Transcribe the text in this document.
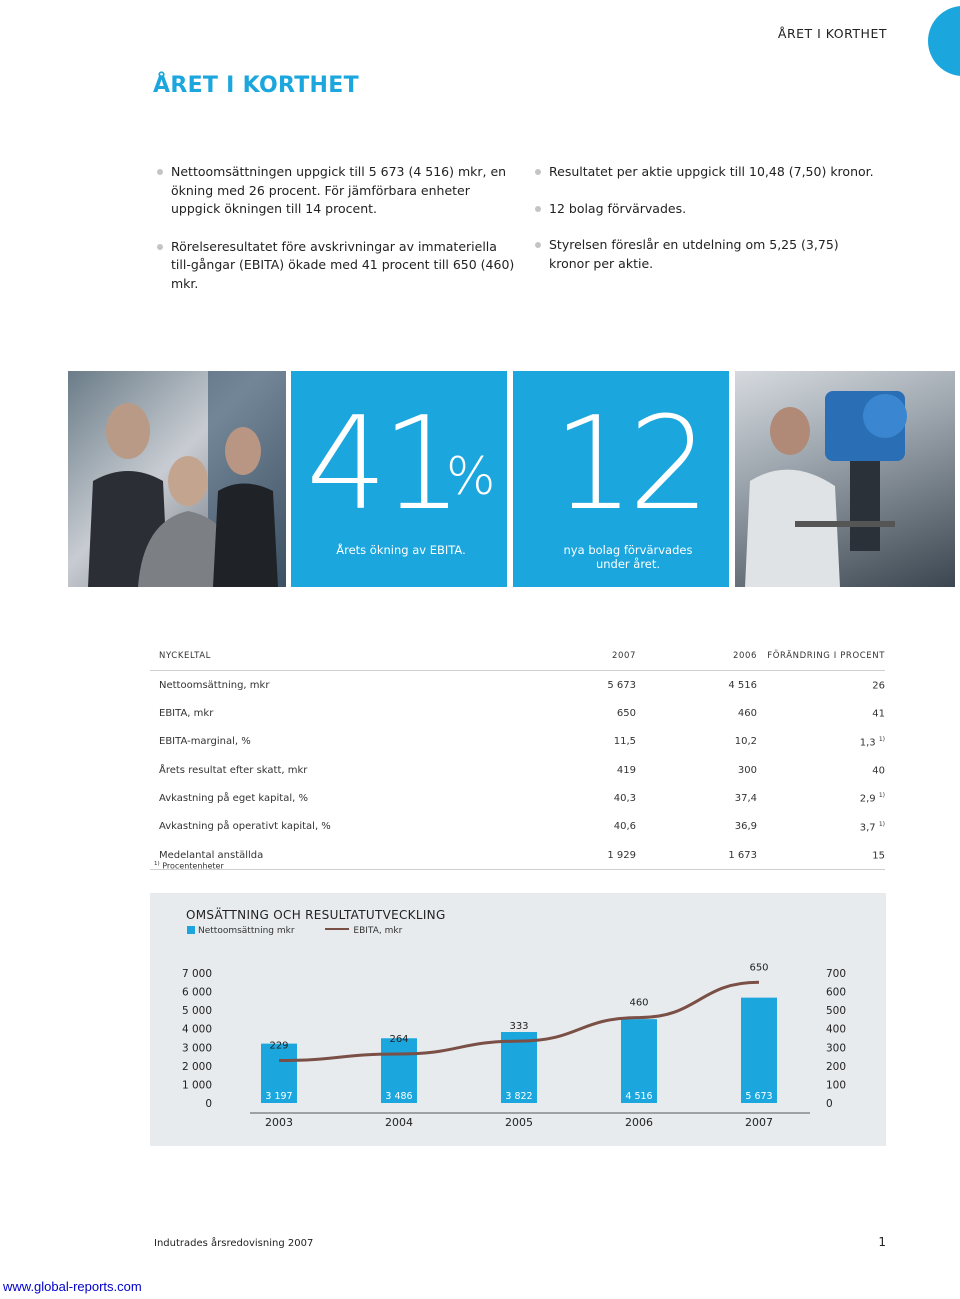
ÅRET I KORTHET
ÅRET I KORTHET
Nettoomsättningen uppgick till 5 673 (4 516) mkr, en ökning med 26 procent. För jämförbara enheter uppgick ökningen till 14 procent.
Rörelseresultatet före avskrivningar av immateriella till-gångar (EBITA) ökade med 41 procent till 650 (460) mkr.
Resultatet per aktie uppgick till 10,48 (7,50) kronor.
12 bolag förvärvades.
Styrelsen föreslår en utdelning om 5,25 (3,75) kronor per aktie.
41
%
Årets ökning av EBITA.
12
nya bolag förvärvades under året.
NYCKELTAL	2007	2006	FÖRÄNDRING I PROCENT
Nettoomsättning, mkr	5 673	4 516	26
EBITA, mkr	650	460	41
EBITA-marginal, %	11,5	10,2	1,3 $^{1)}$
Årets resultat efter skatt, mkr	419	300	40
Avkastning på eget kapital, %	40,3	37,4	2,9 $^{1)}$
Avkastning på operativt kapital, %	40,6	36,9	3,7 $^{1)}$
Medelantal anställda	1 929	1 673	15
$^{1)}$ Procentenheter
OMSÄTTNING OCH RESULTATUTVECKLING
Nettoomsättning mkr	EBITA, mkr
0
1 000
2 000
3 000
4 000
5 000
6 000
7 000
0
100
200
300
400
500
600
700
3 197	3 486	3 822	4 516	5 673
2003	2004	2005	2006	2007
229
264
333
460
650
Indutrades årsredovisning 2007	1
www.global-reports.com
